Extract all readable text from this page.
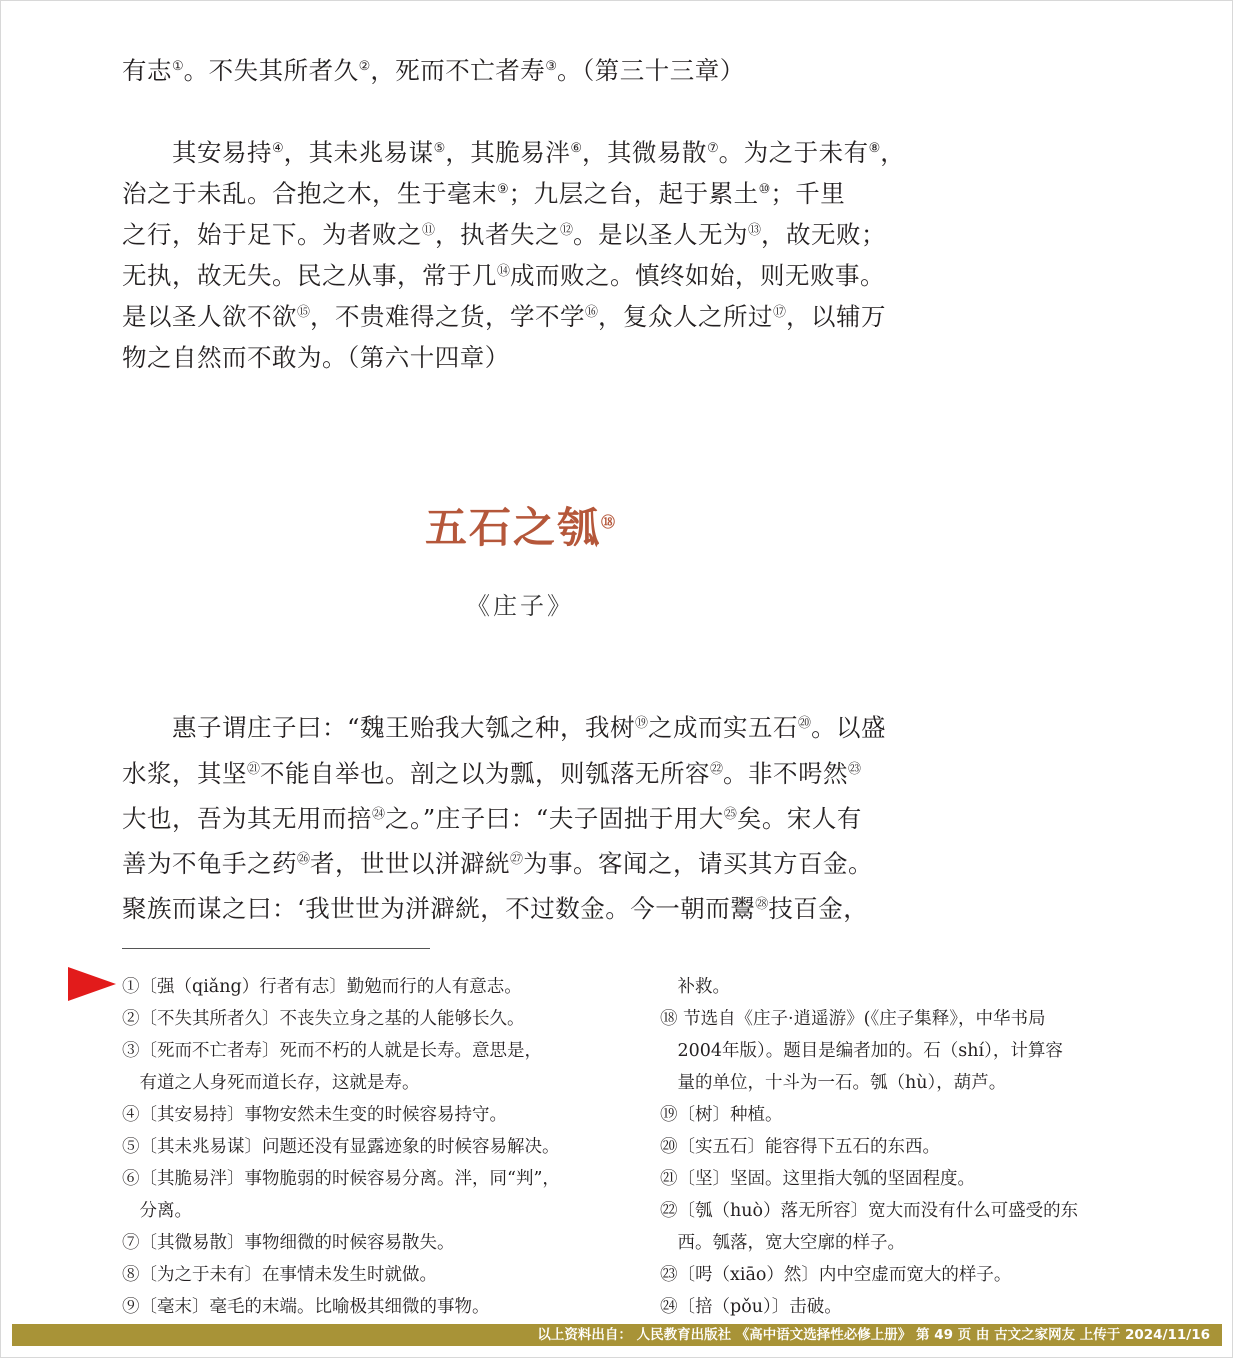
有志①。不失其所者久②，死而不亡者寿③。（第三十三章）

　　其安易持④，其未兆易谋⑤，其脆易泮⑥，其微易散⑦。为之于未有⑧，

治之于未乱。合抱之木，生于毫末⑨；九层之台，起于累土⑩；千里

之行，始于足下。为者败之⑪，执者失之⑫。是以圣人无为⑬，故无败；

无执，故无失。民之从事，常于几⑭成而败之。慎终如始，则无败事。

是以圣人欲不欲⑮，不贵难得之货，学不学⑯，复众人之所过⑰，以辅万

物之自然而不敢为。（第六十四章）

五石之瓠⑱

《庄子》

　　惠子谓庄子曰：“魏王贻我大瓠之种，我树⑲之成而实五石⑳。以盛

水浆，其坚$^㉑$不能自举也。剖之以为瓢，则瓠落无所容$^㉒$。非不呺然$^㉓$

大也，吾为其无用而掊$^㉔$之。”庄子曰：“夫子固拙于用大$^㉕$矣。宋人有

善为不龟手之药$^㉖$者，世世以洴澼絖$^㉗$为事。客闻之，请买其方百金。

聚族而谋之曰：‘我世世为洴澼絖，不过数金。今一朝而鬻$^㉘$技百金，

①〔强（qiǎng）行者有志〕勤勉而行的人有意志。

②〔不失其所者久〕不丧失立身之基的人能够长久。

③〔死而不亡者寿〕死而不朽的人就是长寿。意思是，

　有道之人身死而道长存，这就是寿。

④〔其安易持〕事物安然未生变的时候容易持守。

⑤〔其未兆易谋〕问题还没有显露迹象的时候容易解决。

⑥〔其脆易泮〕事物脆弱的时候容易分离。泮，同“判”，

　分离。

⑦〔其微易散〕事物细微的时候容易散失。

⑧〔为之于未有〕在事情未发生时就做。

⑨〔毫末〕毫毛的末端。比喻极其细微的事物。

　补救。

⑱ 节选自《庄子·逍遥游》(《庄子集释》，中华书局

　2004年版）。题目是编者加的。石（shí），计算容

　量的单位，十斗为一石。瓠（hù），葫芦。

⑲〔树〕种植。

⑳〔实五石〕能容得下五石的东西。

㉑〔坚〕坚固。这里指大瓠的坚固程度。

㉒〔瓠（huò）落无所容〕宽大而没有什么可盛受的东

　西。瓠落，宽大空廓的样子。

㉓〔呺（xiāo）然〕内中空虚而宽大的样子。

㉔〔掊（pǒu）〕击破。

以上资料出自： 人民教育出版社 《高中语文选择性必修上册》 第 49 页 由 古文之家网友 上传于 2024/11/16
